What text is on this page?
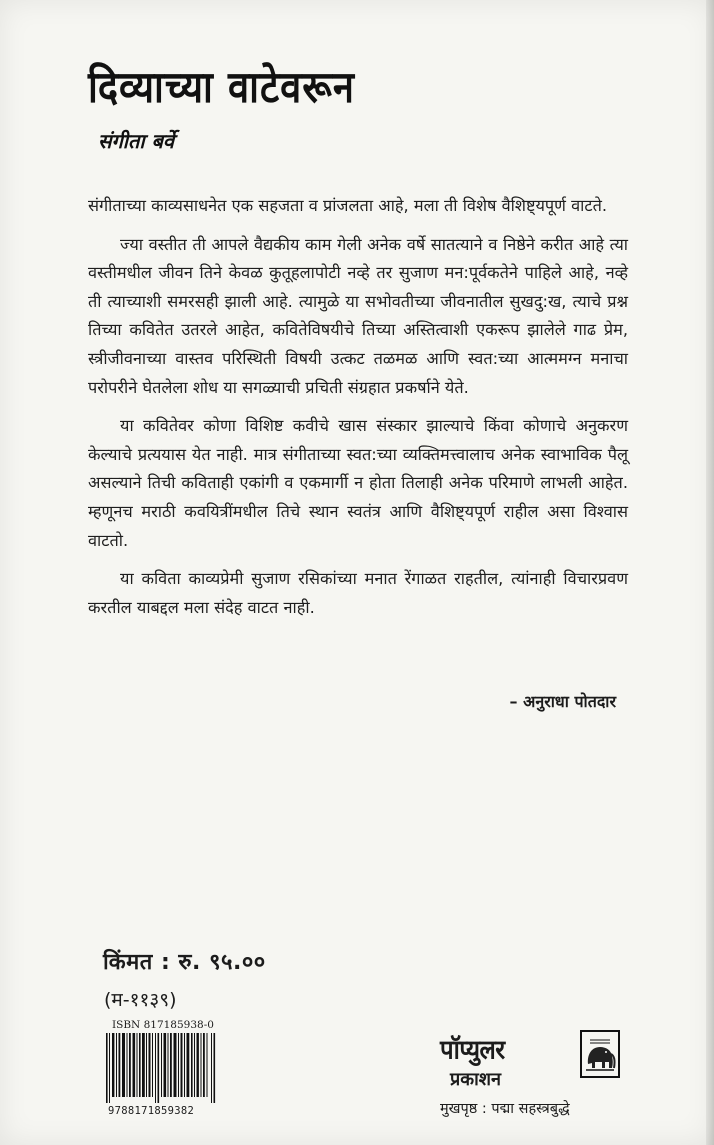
दिव्याच्या वाटेवरून
संगीता बर्वे

संगीताच्या काव्यसाधनेत एक सहजता व प्रांजलता आहे, मला ती विशेष वैशिष्ट्यपूर्ण वाटते.

ज्या वस्तीत ती आपले वैद्यकीय काम गेली अनेक वर्षे सातत्याने व निष्ठेने करीत आहे त्या वस्तीमधील जीवन तिने केवळ कुतूहलापोटी नव्हे तर सुजाण मन:पूर्वकतेने पाहिले आहे, नव्हे ती त्याच्याशी समरसही झाली आहे. त्यामुळे या सभोवतीच्या जीवनातील सुखदु:ख, त्याचे प्रश्न तिच्या कवितेत उतरले आहेत, कवितेविषयीचे तिच्या अस्तित्वाशी एकरूप झालेले गाढ प्रेम, स्त्रीजीवनाच्या वास्तव परिस्थिती विषयी उत्कट तळमळ आणि स्वत:च्या आत्ममग्न मनाचा परोपरीने घेतलेला शोध या सगळ्याची प्रचिती संग्रहात प्रकर्षाने येते.

या कवितेवर कोणा विशिष्ट कवीचे खास संस्कार झाल्याचे किंवा कोणाचे अनुकरण केल्याचे प्रत्ययास येत नाही. मात्र संगीताच्या स्वत:च्या व्यक्तिमत्त्वालाच अनेक स्वाभाविक पैलू असल्याने तिची कविताही एकांगी व एकमार्गी न होता तिलाही अनेक परिमाणे लाभली आहेत. म्हणूनच मराठी कवयित्रींमधील तिचे स्थान स्वतंत्र आणि वैशिष्ट्यपूर्ण राहील असा विश्वास वाटतो.

या कविता काव्यप्रेमी सुजाण रसिकांच्या मनात रेंगाळत राहतील, त्यांनाही विचारप्रवण करतील याबद्दल मला संदेह वाटत नाही.

– अनुराधा पोतदार
किंमत : रु. ९५.००
(म-११३९)
ISBN 817185938-0
9788171859382
पॉप्युलर
प्रकाशन
मुखपृष्ठ : पद्मा सहस्त्रबुद्धे
